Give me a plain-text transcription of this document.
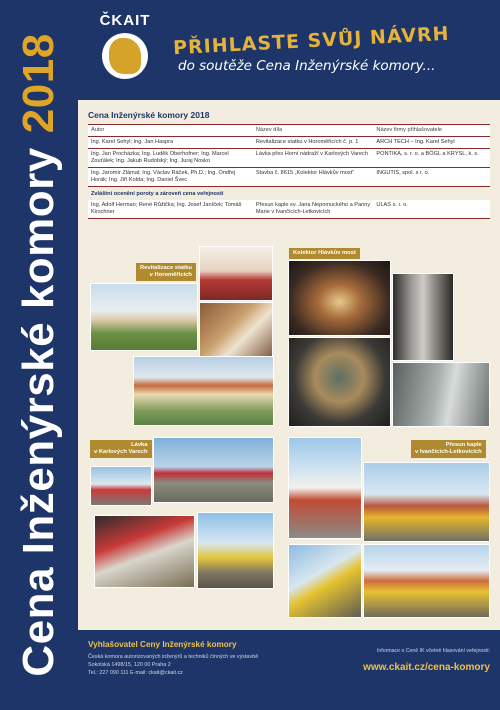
Cena Inženýrské komory2018
ČKAIT
PŘIHLASTE SVŮJ NÁVRH
do soutěže Cena Inženýrské komory...
Cena Inženýrské komory 2018
Autor	Název díla	Název firmy přihlašovatele
Ing. Karel Sehyl; Ing. Jan Haspra	Revitalizace statku v Horoměřicích č. p. 1	ARCH TECH – Ing. Karel Sehyl
Ing. Jan Procházka; Ing. Luděk Oberhofner; Ing. Marcel Zouťálek; Ing. Jakub Rudolský; Ing. Juraj Nosko	Lávka přes Horní nádraží v Karlových Varech	PONTIKA, s. r. o. a BÖGL a KRÝSL, k. s.
Ing. Jaromír Zlámal; Ing. Václav Ráček, Ph.D.; Ing. Ondřej Horák; Ing. Jiří Kolda; Ing. Daniel Švec	Stavba č. 8615 „Kolektor Hlávkův most“	INGUTIS, spol. s r. o.
Zvláštní ocenění poroty a zároveň cena veřejnosti		
Ing. Adolf Herman; René Růžička; Ing. Josef Janíček; Tomáš Kirschner	Přesun kaple sv. Jana Nepomuckého a Panny Marie v Ivančicích-Letkovicích	ULAS s. r. o.
Revitalizace statku
v Horoměřicích
Kolektor Hlávkův most
Lávka
v Karlových Varech
Přesun kaple
v Ivančicích-Letkovicích
Vyhlašovatel Ceny Inženýrské komory
Česká komora autorizovaných inženýrů a techniků činných ve výstavbě
Sokolská 1498/15, 120 00 Praha 2
Tel.: 227 090 111 E-mail: ckait@ckait.cz
Informace o Ceně IK včetně hlasování veřejnosti:
www.ckait.cz/cena-komory
